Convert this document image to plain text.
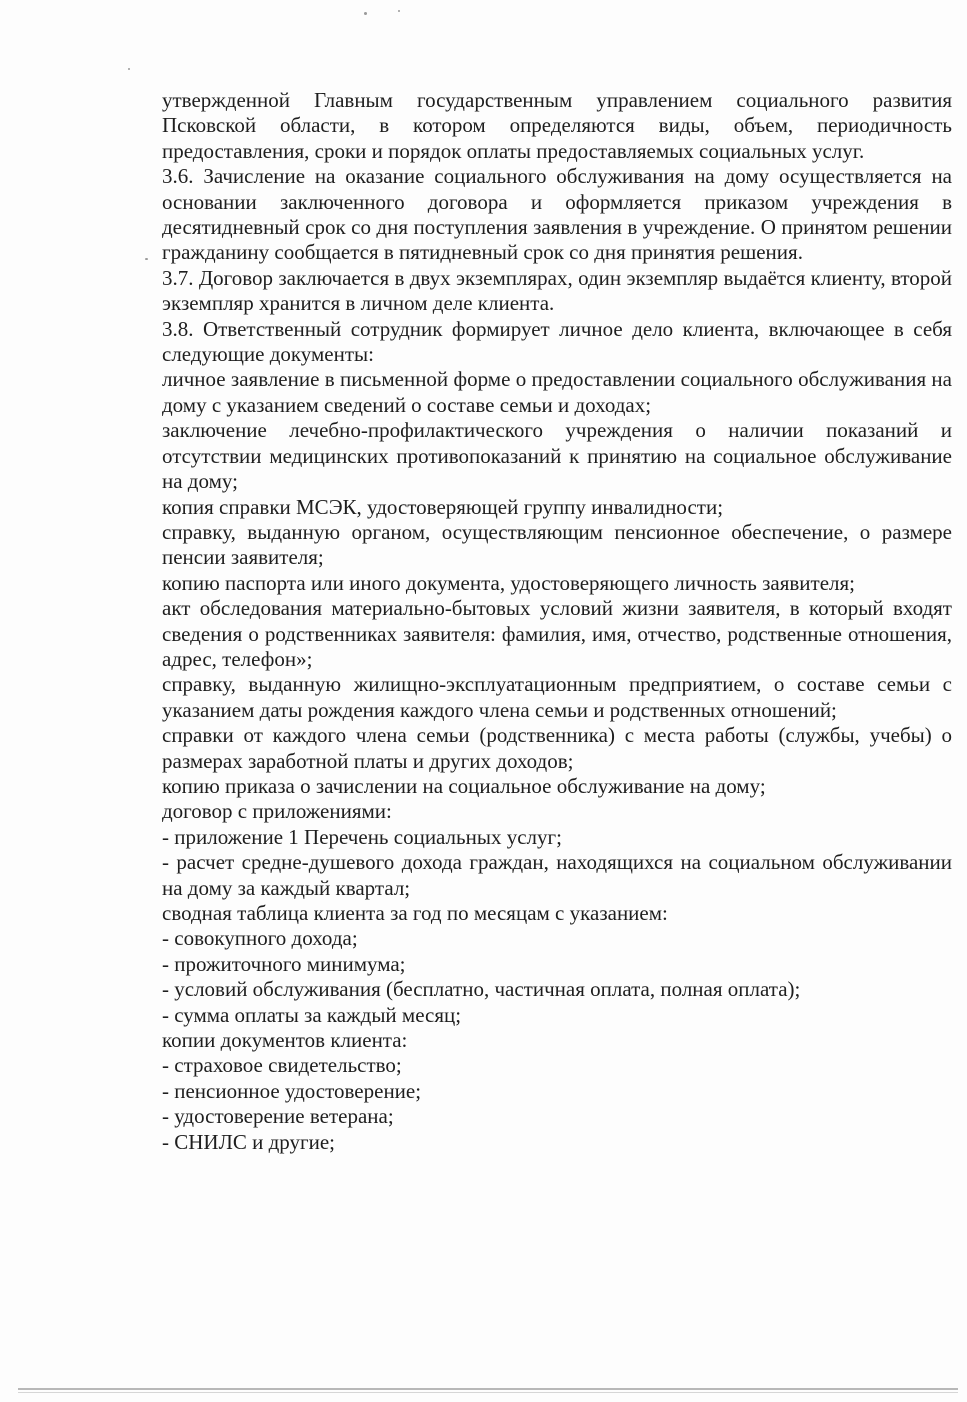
утвержденной Главным государственным управлением социального развития Псковской области, в котором определяются виды, объем, периодичность предоставления, сроки и порядок оплаты предоставляемых социальных услуг.

3.6. Зачисление на оказание социального обслуживания на дому осуществляется на основании заключенного договора и оформляется приказом учреждения в десятидневный срок со дня поступления заявления в учреждение. О принятом решении гражданину сообщается в пятидневный срок со дня принятия решения.

3.7. Договор заключается в двух экземплярах, один экземпляр выдаётся клиенту, второй экземпляр хранится в личном деле клиента.

3.8. Ответственный сотрудник формирует личное дело клиента, включающее в себя следующие документы:

личное заявление в письменной форме о предоставлении социального обслуживания на дому с указанием сведений о составе семьи и доходах;

заключение лечебно-профилактического учреждения о наличии показаний и отсутствии медицинских противопоказаний к принятию на социальное обслуживание на дому;

копия справки МСЭК, удостоверяющей группу инвалидности;

справку, выданную органом, осуществляющим пенсионное обеспечение, о размере пенсии заявителя;

копию паспорта или иного документа, удостоверяющего личность заявителя;

акт обследования материально-бытовых условий жизни заявителя, в который входят сведения о родственниках заявителя: фамилия, имя, отчество, родственные отношения, адрес, телефон»;

справку, выданную жилищно-эксплуатационным предприятием, о составе семьи с указанием даты рождения каждого члена семьи и родственных отношений;

справки от каждого члена семьи (родственника) с места работы (службы, учебы) о размерах заработной платы и других доходов;

копию приказа о зачислении на социальное обслуживание на дому;

договор с приложениями:

- приложение 1 Перечень социальных услуг;

- расчет средне-душевого дохода граждан, находящихся на социальном обслуживании на дому за каждый квартал;

сводная таблица клиента за год по месяцам с указанием:

- совокупного дохода;

- прожиточного минимума;

- условий обслуживания (бесплатно, частичная оплата, полная оплата);

- сумма оплаты за каждый месяц;

копии документов клиента:

- страховое свидетельство;

- пенсионное удостоверение;

- удостоверение ветерана;

- СНИЛС и другие;
